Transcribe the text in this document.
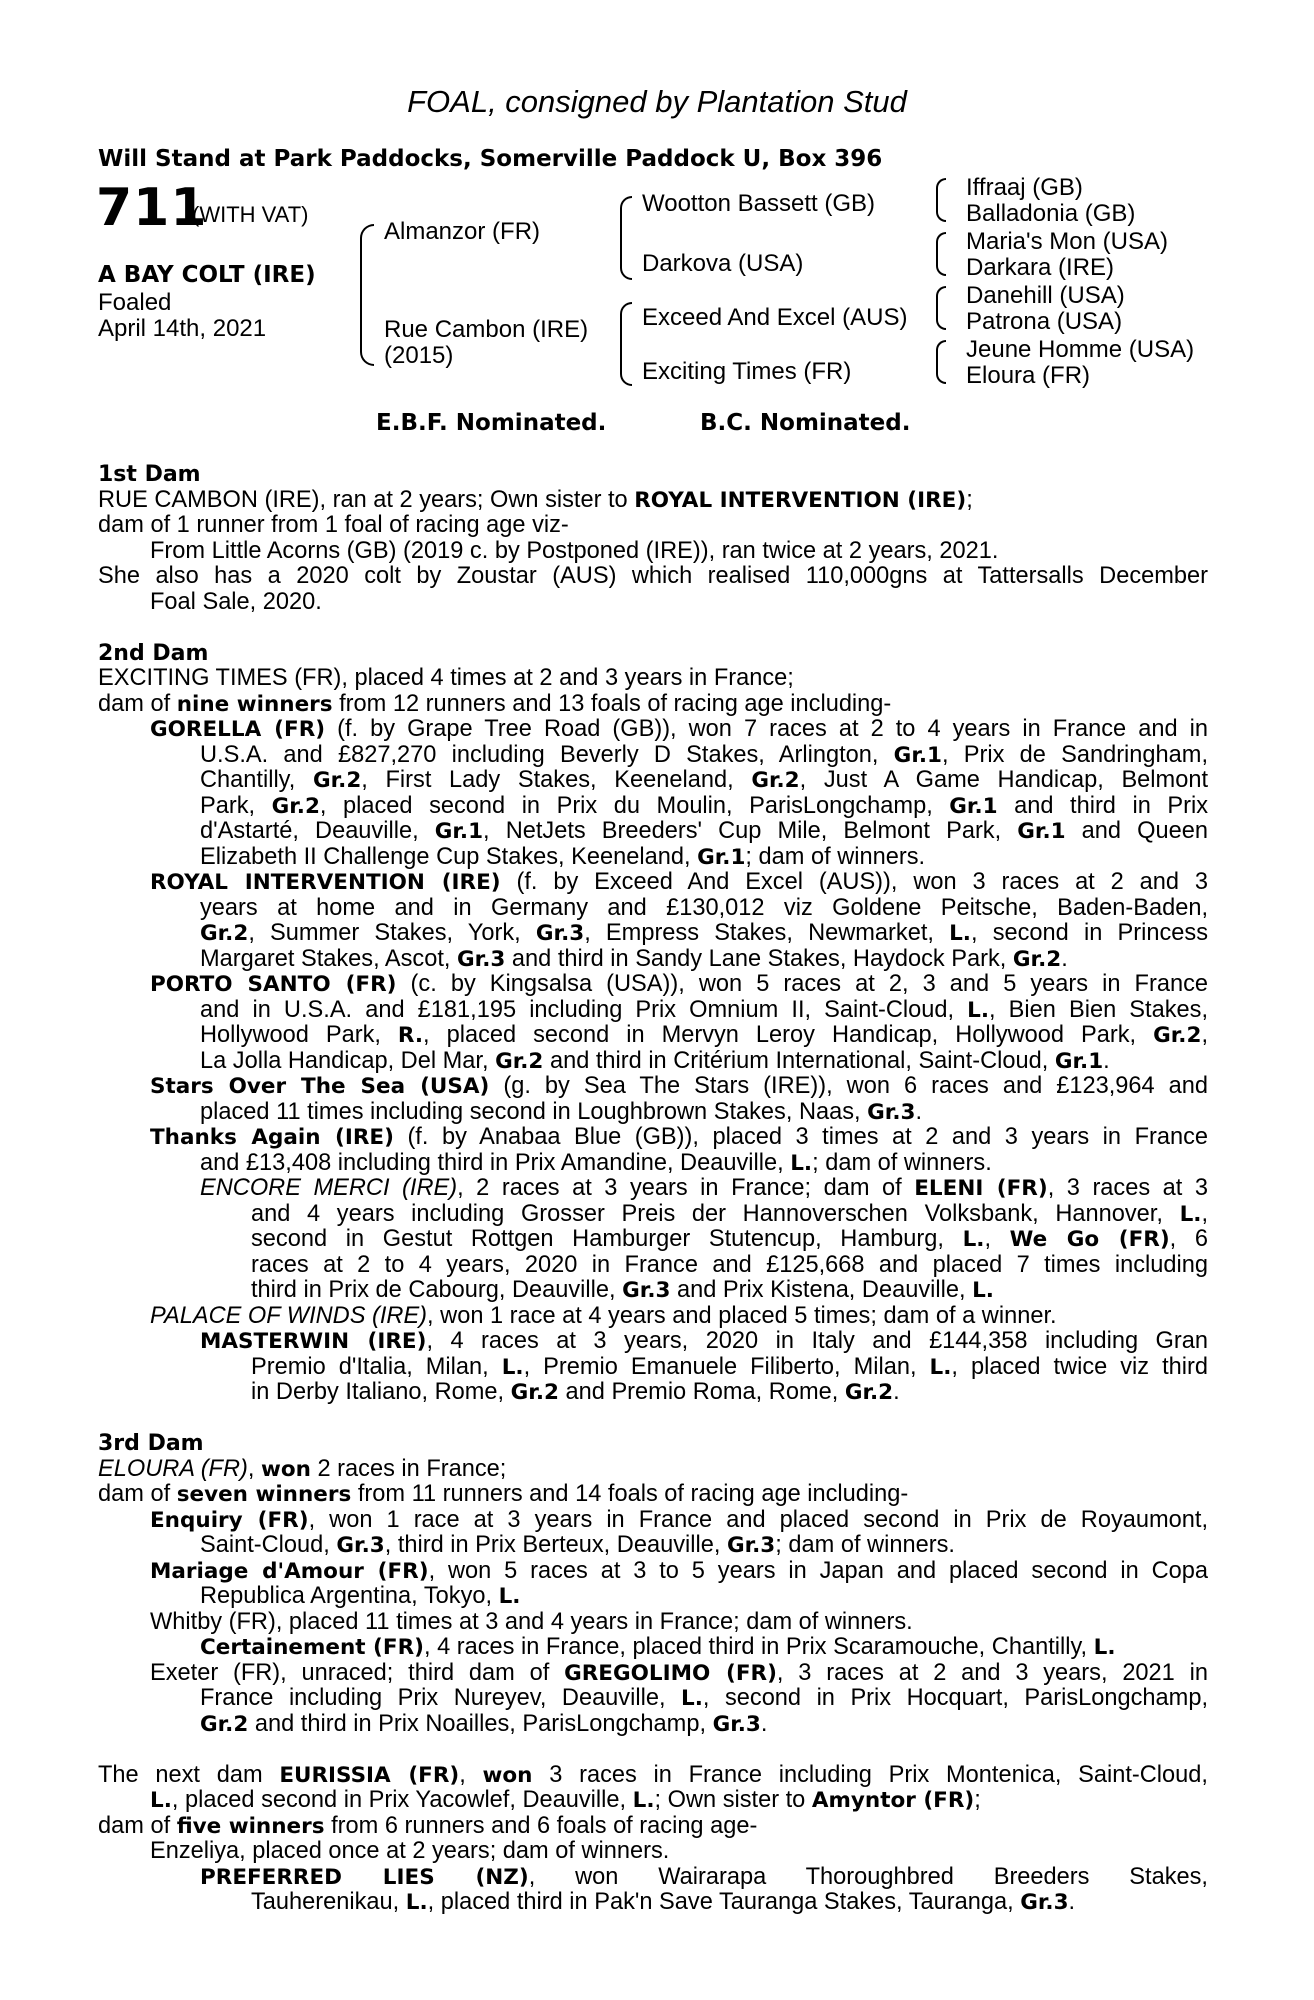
FOAL, consigned by Plantation Stud
Will Stand at Park Paddocks, Somerville Paddock U, Box 396
711
(WITH VAT)
A BAY COLT (IRE)
Foaled
April 14th, 2021
Almanzor (FR)
Rue Cambon (IRE)
(2015)
Wootton Bassett (GB)
Darkova (USA)
Exceed And Excel (AUS)
Exciting Times (FR)
Iffraaj (GB)
Balladonia (GB)
Maria's Mon (USA)
Darkara (IRE)
Danehill (USA)
Patrona (USA)
Jeune Homme (USA)
Eloura (FR)
E.B.F. Nominated.	B.C. Nominated.
1st Dam
RUE CAMBON (IRE), ran at 2 years; Own sister to ROYAL INTERVENTION (IRE);
dam of 1 runner from 1 foal of racing age viz-
From Little Acorns (GB) (2019 c. by Postponed (IRE)), ran twice at 2 years, 2021.
She also has a 2020 colt by Zoustar (AUS) which realised 110,000gns at Tattersalls December
Foal Sale, 2020.
2nd Dam
EXCITING TIMES (FR), placed 4 times at 2 and 3 years in France;
dam of nine winners from 12 runners and 13 foals of racing age including-
GORELLA (FR) (f. by Grape Tree Road (GB)), won 7 races at 2 to 4 years in France and in
U.S.A. and £827,270 including Beverly D Stakes, Arlington, Gr.1, Prix de Sandringham,
Chantilly, Gr.2, First Lady Stakes, Keeneland, Gr.2, Just A Game Handicap, Belmont
Park, Gr.2, placed second in Prix du Moulin, ParisLongchamp, Gr.1 and third in Prix
d'Astarté, Deauville, Gr.1, NetJets Breeders' Cup Mile, Belmont Park, Gr.1 and Queen
Elizabeth II Challenge Cup Stakes, Keeneland, Gr.1; dam of winners.
ROYAL INTERVENTION (IRE) (f. by Exceed And Excel (AUS)), won 3 races at 2 and 3
years at home and in Germany and £130,012 viz Goldene Peitsche, Baden-Baden,
Gr.2, Summer Stakes, York, Gr.3, Empress Stakes, Newmarket, L., second in Princess
Margaret Stakes, Ascot, Gr.3 and third in Sandy Lane Stakes, Haydock Park, Gr.2.
PORTO SANTO (FR) (c. by Kingsalsa (USA)), won 5 races at 2, 3 and 5 years in France
and in U.S.A. and £181,195 including Prix Omnium II, Saint-Cloud, L., Bien Bien Stakes,
Hollywood Park, R., placed second in Mervyn Leroy Handicap, Hollywood Park, Gr.2,
La Jolla Handicap, Del Mar, Gr.2 and third in Critérium International, Saint-Cloud, Gr.1.
Stars Over The Sea (USA) (g. by Sea The Stars (IRE)), won 6 races and £123,964 and
placed 11 times including second in Loughbrown Stakes, Naas, Gr.3.
Thanks Again (IRE) (f. by Anabaa Blue (GB)), placed 3 times at 2 and 3 years in France
and £13,408 including third in Prix Amandine, Deauville, L.; dam of winners.
ENCORE MERCI (IRE), 2 races at 3 years in France; dam of ELENI (FR), 3 races at 3
and 4 years including Grosser Preis der Hannoverschen Volksbank, Hannover, L.,
second in Gestut Rottgen Hamburger Stutencup, Hamburg, L., We Go (FR), 6
races at 2 to 4 years, 2020 in France and £125,668 and placed 7 times including
third in Prix de Cabourg, Deauville, Gr.3 and Prix Kistena, Deauville, L.
PALACE OF WINDS (IRE), won 1 race at 4 years and placed 5 times; dam of a winner.
MASTERWIN (IRE), 4 races at 3 years, 2020 in Italy and £144,358 including Gran
Premio d'Italia, Milan, L., Premio Emanuele Filiberto, Milan, L., placed twice viz third
in Derby Italiano, Rome, Gr.2 and Premio Roma, Rome, Gr.2.
3rd Dam
ELOURA (FR), won 2 races in France;
dam of seven winners from 11 runners and 14 foals of racing age including-
Enquiry (FR), won 1 race at 3 years in France and placed second in Prix de Royaumont,
Saint-Cloud, Gr.3, third in Prix Berteux, Deauville, Gr.3; dam of winners.
Mariage d'Amour (FR), won 5 races at 3 to 5 years in Japan and placed second in Copa
Republica Argentina, Tokyo, L.
Whitby (FR), placed 11 times at 3 and 4 years in France; dam of winners.
Certainement (FR), 4 races in France, placed third in Prix Scaramouche, Chantilly, L.
Exeter (FR), unraced; third dam of GREGOLIMO (FR), 3 races at 2 and 3 years, 2021 in
France including Prix Nureyev, Deauville, L., second in Prix Hocquart, ParisLongchamp,
Gr.2 and third in Prix Noailles, ParisLongchamp, Gr.3.
The next dam EURISSIA (FR), won 3 races in France including Prix Montenica, Saint-Cloud,
L., placed second in Prix Yacowlef, Deauville, L.; Own sister to Amyntor (FR);
dam of five winners from 6 runners and 6 foals of racing age-
Enzeliya, placed once at 2 years; dam of winners.
PREFERRED LIES (NZ), won Wairarapa Thoroughbred Breeders Stakes,
Tauherenikau, L., placed third in Pak'n Save Tauranga Stakes, Tauranga, Gr.3.
